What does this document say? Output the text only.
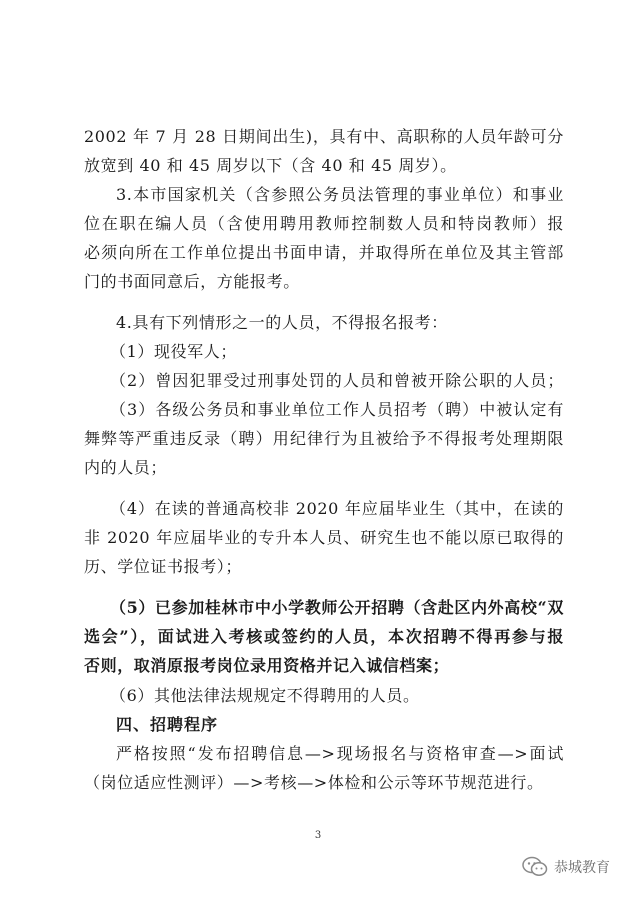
2002 年 7 月 28 日期间出生)，具有中、高职称的人员年龄可分
放宽到 40 和 45 周岁以下（含 40 和 45 周岁）。
3.本市国家机关（含参照公务员法管理的事业单位）和事业
位在职在编人员（含使用聘用教师控制数人员和特岗教师）报
必须向所在工作单位提出书面申请，并取得所在单位及其主管部
门的书面同意后，方能报考。
4.具有下列情形之一的人员，不得报名报考：
（1）现役军人；
（2）曾因犯罪受过刑事处罚的人员和曾被开除公职的人员；
（3）各级公务员和事业单位工作人员招考（聘）中被认定有
舞弊等严重违反录（聘）用纪律行为且被给予不得报考处理期限
内的人员；
（4）在读的普通高校非 2020 年应届毕业生（其中，在读的
非 2020 年应届毕业的专升本人员、研究生也不能以原已取得的
历、学位证书报考）；
（5）已参加桂林市中小学教师公开招聘（含赴区内外高校“双
选会”），面试进入考核或签约的人员，本次招聘不得再参与报
否则，取消原报考岗位录用资格并记入诚信档案；
（6）其他法律法规规定不得聘用的人员。
四、招聘程序
严格按照“发布招聘信息—>现场报名与资格审查—>面试
（岗位适应性测评）—>考核—>体检和公示等环节规范进行。
3
恭城教育
